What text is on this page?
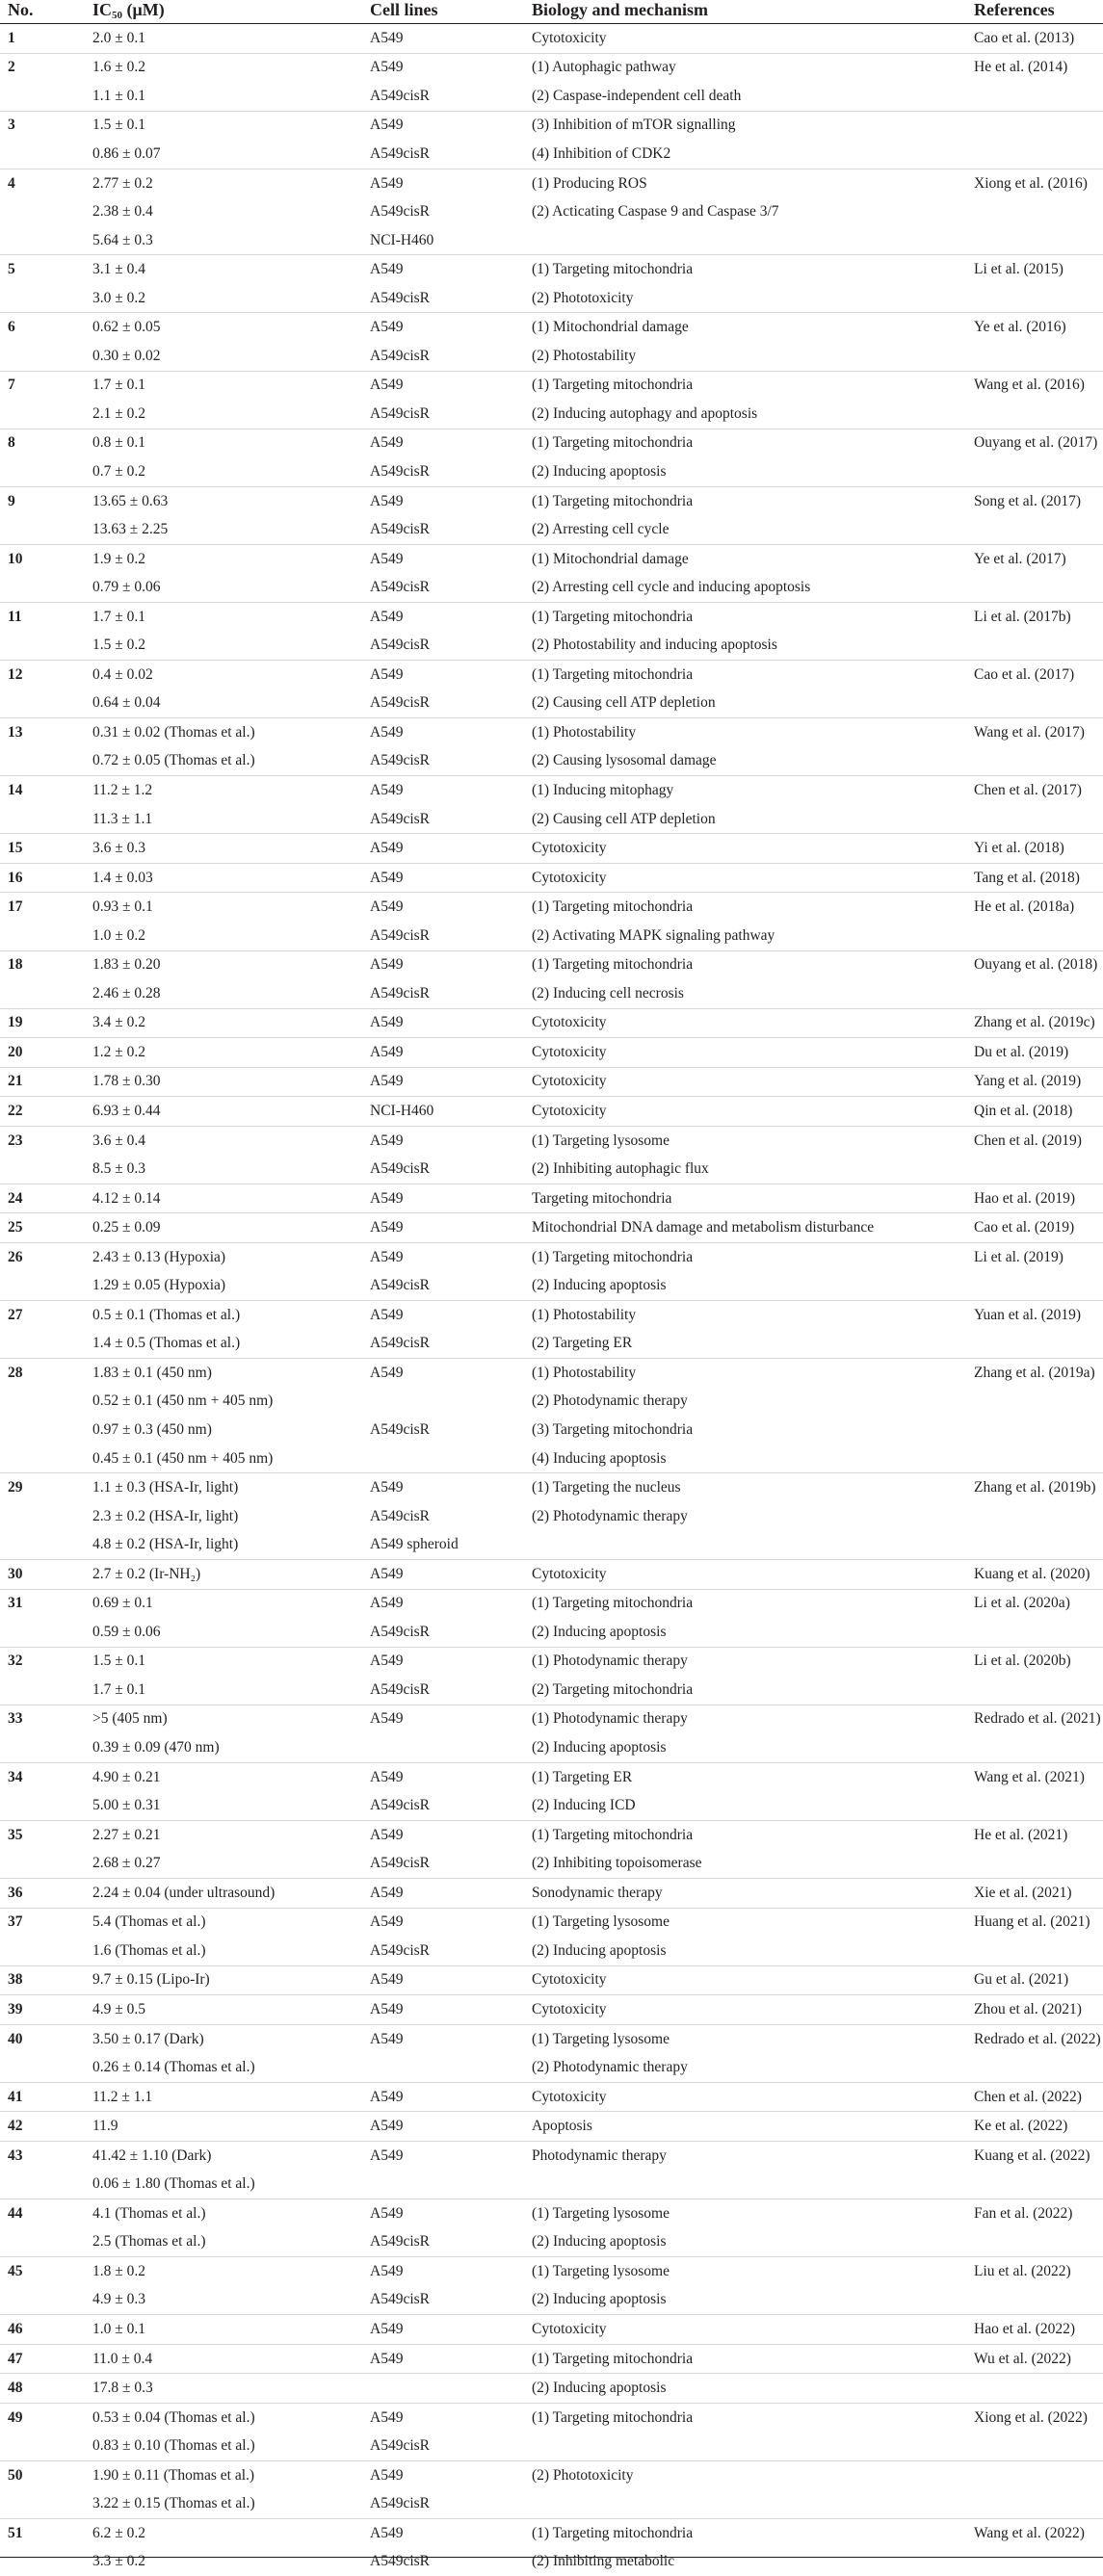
No.	$IC_{50}$ (μM)	Cell lines	Biology and mechanism	References
1	2.0 ± 0.1	A549	Cytotoxicity	Cao et al. (2013)
2	1.6 ± 0.2	A549	(1) Autophagic pathway	He et al. (2014)
	1.1 ± 0.1	A549cisR	(2) Caspase-independent cell death	
3	1.5 ± 0.1	A549	(3) Inhibition of mTOR signalling	
	0.86 ± 0.07	A549cisR	(4) Inhibition of CDK2	
4	2.77 ± 0.2	A549	(1) Producing ROS	Xiong et al. (2016)
	2.38 ± 0.4	A549cisR	(2) Acticating Caspase 9 and Caspase 3/7	
	5.64 ± 0.3	NCI-H460		
5	3.1 ± 0.4	A549	(1) Targeting mitochondria	Li et al. (2015)
	3.0 ± 0.2	A549cisR	(2) Phototoxicity	
6	0.62 ± 0.05	A549	(1) Mitochondrial damage	Ye et al. (2016)
	0.30 ± 0.02	A549cisR	(2) Photostability	
7	1.7 ± 0.1	A549	(1) Targeting mitochondria	Wang et al. (2016)
	2.1 ± 0.2	A549cisR	(2) Inducing autophagy and apoptosis	
8	0.8 ± 0.1	A549	(1) Targeting mitochondria	Ouyang et al. (2017)
	0.7 ± 0.2	A549cisR	(2) Inducing apoptosis	
9	13.65 ± 0.63	A549	(1) Targeting mitochondria	Song et al. (2017)
	13.63 ± 2.25	A549cisR	(2) Arresting cell cycle	
10	1.9 ± 0.2	A549	(1) Mitochondrial damage	Ye et al. (2017)
	0.79 ± 0.06	A549cisR	(2) Arresting cell cycle and inducing apoptosis	
11	1.7 ± 0.1	A549	(1) Targeting mitochondria	Li et al. (2017b)
	1.5 ± 0.2	A549cisR	(2) Photostability and inducing apoptosis	
12	0.4 ± 0.02	A549	(1) Targeting mitochondria	Cao et al. (2017)
	0.64 ± 0.04	A549cisR	(2) Causing cell ATP depletion	
13	0.31 ± 0.02 (Thomas et al.)	A549	(1) Photostability	Wang et al. (2017)
	0.72 ± 0.05 (Thomas et al.)	A549cisR	(2) Causing lysosomal damage	
14	11.2 ± 1.2	A549	(1) Inducing mitophagy	Chen et al. (2017)
	11.3 ± 1.1	A549cisR	(2) Causing cell ATP depletion	
15	3.6 ± 0.3	A549	Cytotoxicity	Yi et al. (2018)
16	1.4 ± 0.03	A549	Cytotoxicity	Tang et al. (2018)
17	0.93 ± 0.1	A549	(1) Targeting mitochondria	He et al. (2018a)
	1.0 ± 0.2	A549cisR	(2) Activating MAPK signaling pathway	
18	1.83 ± 0.20	A549	(1) Targeting mitochondria	Ouyang et al. (2018)
	2.46 ± 0.28	A549cisR	(2) Inducing cell necrosis	
19	3.4 ± 0.2	A549	Cytotoxicity	Zhang et al. (2019c)
20	1.2 ± 0.2	A549	Cytotoxicity	Du et al. (2019)
21	1.78 ± 0.30	A549	Cytotoxicity	Yang et al. (2019)
22	6.93 ± 0.44	NCI-H460	Cytotoxicity	Qin et al. (2018)
23	3.6 ± 0.4	A549	(1) Targeting lysosome	Chen et al. (2019)
	8.5 ± 0.3	A549cisR	(2) Inhibiting autophagic flux	
24	4.12 ± 0.14	A549	Targeting mitochondria	Hao et al. (2019)
25	0.25 ± 0.09	A549	Mitochondrial DNA damage and metabolism disturbance	Cao et al. (2019)
26	2.43 ± 0.13 (Hypoxia)	A549	(1) Targeting mitochondria	Li et al. (2019)
	1.29 ± 0.05 (Hypoxia)	A549cisR	(2) Inducing apoptosis	
27	0.5 ± 0.1 (Thomas et al.)	A549	(1) Photostability	Yuan et al. (2019)
	1.4 ± 0.5 (Thomas et al.)	A549cisR	(2) Targeting ER	
28	1.83 ± 0.1 (450 nm)	A549	(1) Photostability	Zhang et al. (2019a)
	0.52 ± 0.1 (450 nm + 405 nm)		(2) Photodynamic therapy	
	0.97 ± 0.3 (450 nm)	A549cisR	(3) Targeting mitochondria	
	0.45 ± 0.1 (450 nm + 405 nm)		(4) Inducing apoptosis	
29	1.1 ± 0.3 (HSA-Ir, light)	A549	(1) Targeting the nucleus	Zhang et al. (2019b)
	2.3 ± 0.2 (HSA-Ir, light)	A549cisR	(2) Photodynamic therapy	
	4.8 ± 0.2 (HSA-Ir, light)	A549 spheroid		
30	2.7 ± 0.2 (Ir-NH₂)	A549	Cytotoxicity	Kuang et al. (2020)
31	0.69 ± 0.1	A549	(1) Targeting mitochondria	Li et al. (2020a)
	0.59 ± 0.06	A549cisR	(2) Inducing apoptosis	
32	1.5 ± 0.1	A549	(1) Photodynamic therapy	Li et al. (2020b)
	1.7 ± 0.1	A549cisR	(2) Targeting mitochondria	
33	>5 (405 nm)	A549	(1) Photodynamic therapy	Redrado et al. (2021)
	0.39 ± 0.09 (470 nm)		(2) Inducing apoptosis	
34	4.90 ± 0.21	A549	(1) Targeting ER	Wang et al. (2021)
	5.00 ± 0.31	A549cisR	(2) Inducing ICD	
35	2.27 ± 0.21	A549	(1) Targeting mitochondria	He et al. (2021)
	2.68 ± 0.27	A549cisR	(2) Inhibiting topoisomerase	
36	2.24 ± 0.04 (under ultrasound)	A549	Sonodynamic therapy	Xie et al. (2021)
37	5.4 (Thomas et al.)	A549	(1) Targeting lysosome	Huang et al. (2021)
	1.6 (Thomas et al.)	A549cisR	(2) Inducing apoptosis	
38	9.7 ± 0.15 (Lipo-Ir)	A549	Cytotoxicity	Gu et al. (2021)
39	4.9 ± 0.5	A549	Cytotoxicity	Zhou et al. (2021)
40	3.50 ± 0.17 (Dark)	A549	(1) Targeting lysosome	Redrado et al. (2022)
	0.26 ± 0.14 (Thomas et al.)		(2) Photodynamic therapy	
41	11.2 ± 1.1	A549	Cytotoxicity	Chen et al. (2022)
42	11.9	A549	Apoptosis	Ke et al. (2022)
43	41.42 ± 1.10 (Dark)	A549	Photodynamic therapy	Kuang et al. (2022)
	0.06 ± 1.80 (Thomas et al.)			
44	4.1 (Thomas et al.)	A549	(1) Targeting lysosome	Fan et al. (2022)
	2.5 (Thomas et al.)	A549cisR	(2) Inducing apoptosis	
45	1.8 ± 0.2	A549	(1) Targeting lysosome	Liu et al. (2022)
	4.9 ± 0.3	A549cisR	(2) Inducing apoptosis	
46	1.0 ± 0.1	A549	Cytotoxicity	Hao et al. (2022)
47	11.0 ± 0.4	A549	(1) Targeting mitochondria	Wu et al. (2022)
48	17.8 ± 0.3		(2) Inducing apoptosis	
49	0.53 ± 0.04 (Thomas et al.)	A549	(1) Targeting mitochondria	Xiong et al. (2022)
	0.83 ± 0.10 (Thomas et al.)	A549cisR		
50	1.90 ± 0.11 (Thomas et al.)	A549	(2) Phototoxicity	
	3.22 ± 0.15 (Thomas et al.)	A549cisR		
51	6.2 ± 0.2	A549	(1) Targeting mitochondria	Wang et al. (2022)
	3.3 ± 0.2	A549cisR	(2) Inhibiting metabolic	
